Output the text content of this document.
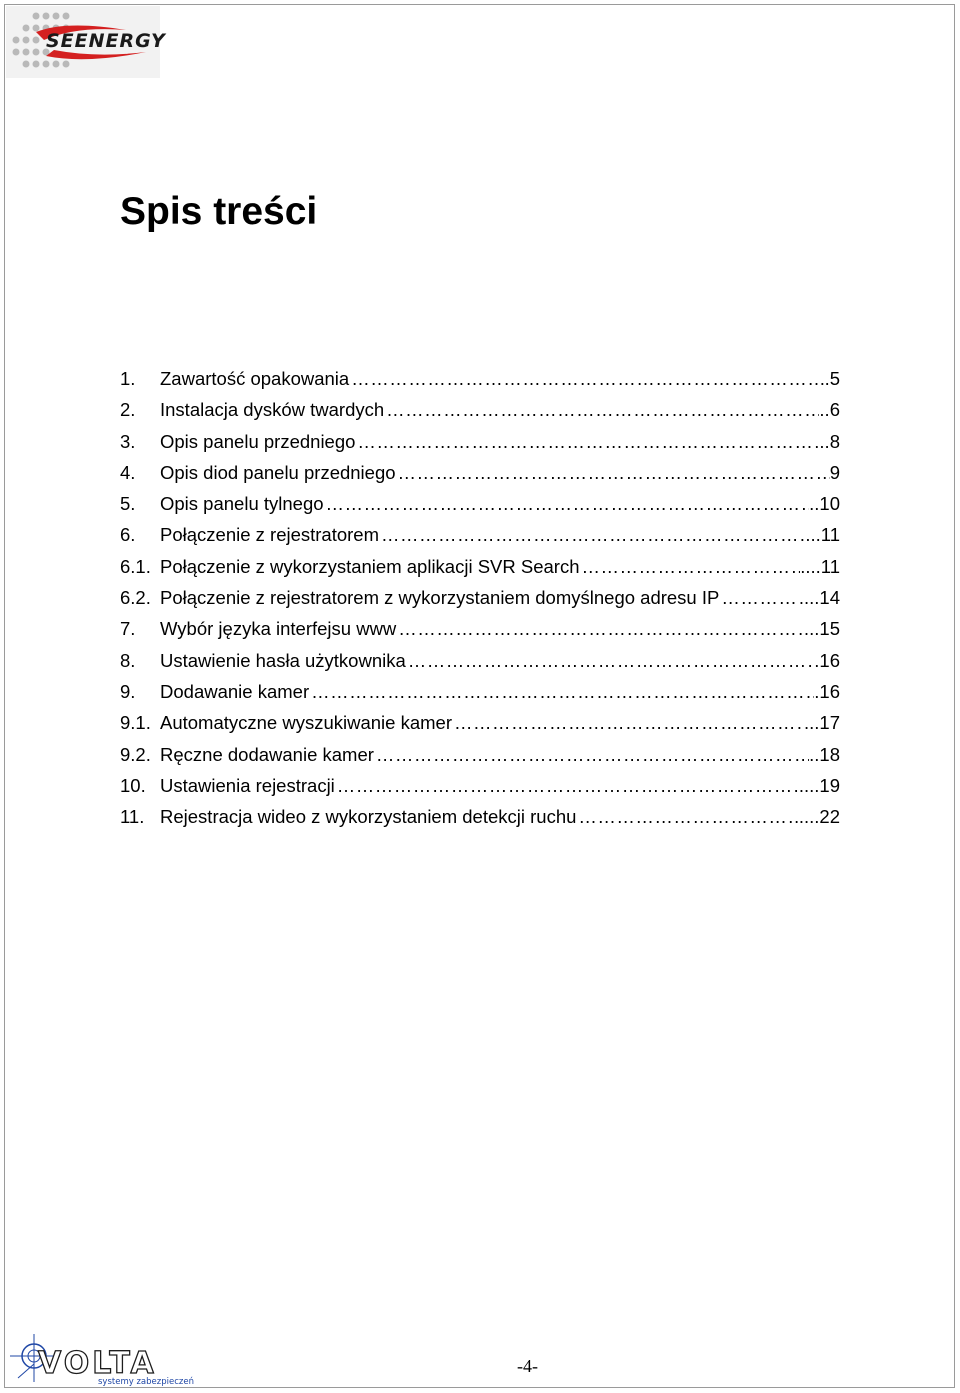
SEENERGY
Spis treści
1.	Zawartość opakowania …………………………………………………………………………………………………………………………………………………………	.5
2.	Instalacja dysków twardych …………………………………………………………………………………………………………………………………………………………	..6
3.	Opis panelu przedniego …………………………………………………………………………………………………………………………………………………………	...8
4.	Opis diod panelu przedniego …………………………………………………………………………………………………………………………………………………………	9
5.	Opis panelu tylnego …………………………………………………………………………………………………………………………………………………………	..10
6.	Połączenie z rejestratorem …………………………………………………………………………………………………………………………………………………………	...11
6.1. Połączenie z wykorzystaniem aplikacji SVR Search …………………………………………………………………………………………………………………………………………………………	....11
6.2. Połączenie z rejestratorem z wykorzystaniem domyślnego adresu IP …………………………………………………………………………………………………………………………………………………………	....14
7.	Wybór języka interfejsu www …………………………………………………………………………………………………………………………………………………………	..15
8.	Ustawienie hasła użytkownika …………………………………………………………………………………………………………………………………………………………	.16
9.	Dodawanie kamer …………………………………………………………………………………………………………………………………………………………	.16
9.1. Automatyczne wyszukiwanie kamer …………………………………………………………………………………………………………………………………………………………	...17
9.2. Ręczne dodawanie kamer …………………………………………………………………………………………………………………………………………………………	..18
10. Ustawienia rejestracji …………………………………………………………………………………………………………………………………………………………	....19
11. Rejestracja wideo z wykorzystaniem detekcji ruchu …………………………………………………………………………………………………………………………………………………………	....22
VOLTA
systemy zabezpieczeń
-4-
